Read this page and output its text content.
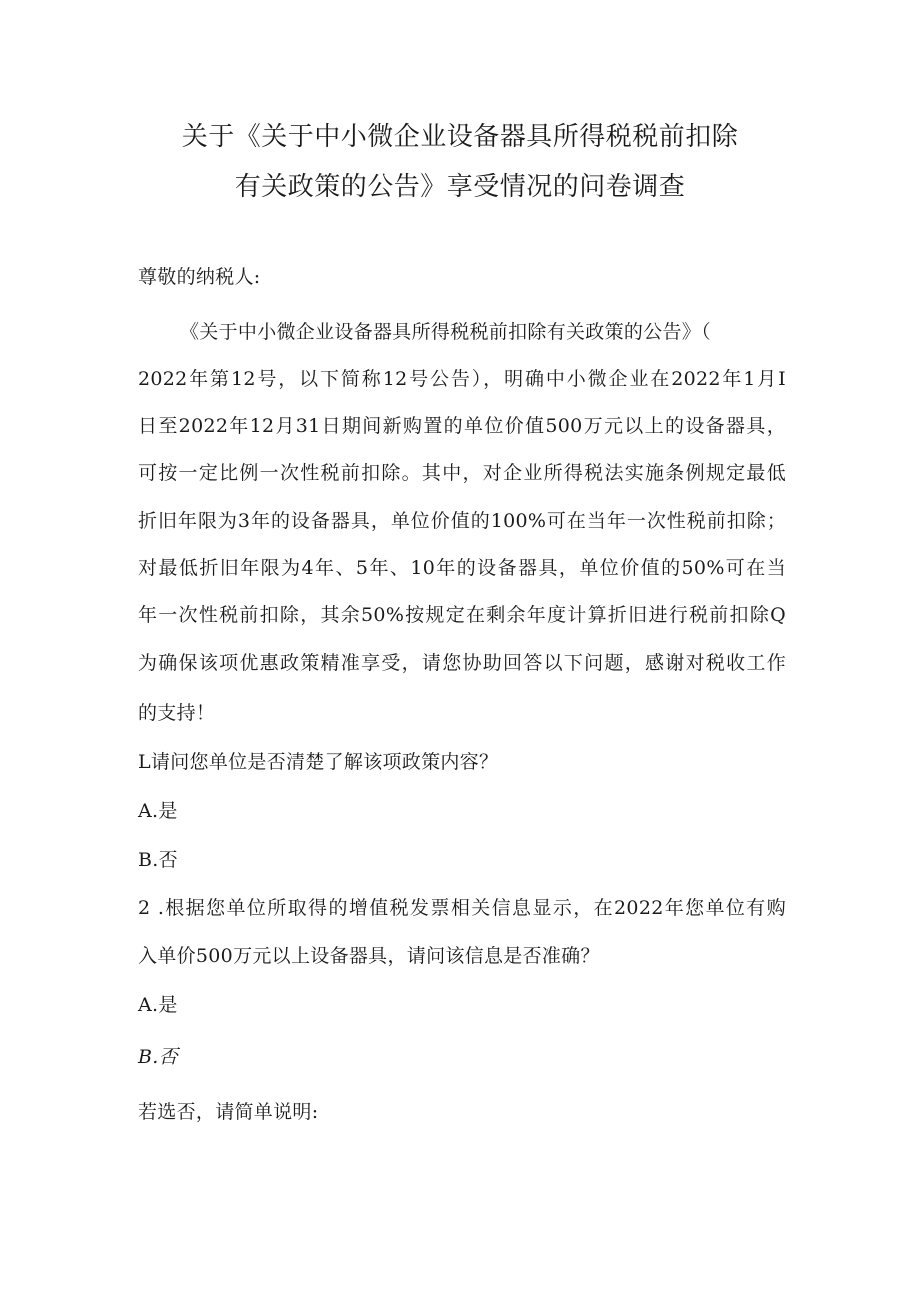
关于《关于中小微企业设备器具所得税税前扣除
有关政策的公告》享受情况的问卷调查
尊敬的纳税人:
《关于中小微企业设备器具所得税税前扣除有关政策的公告》（
2022年第12号，以下简称12号公告），明确中小微企业在2022年1月I
日至2022年12月31日期间新购置的单位价值500万元以上的设备器具，
可按一定比例一次性税前扣除。其中，对企业所得税法实施条例规定最低
折旧年限为3年的设备器具，单位价值的100%可在当年一次性税前扣除；
对最低折旧年限为4年、5年、10年的设备器具，单位价值的50%可在当
年一次性税前扣除，其余50%按规定在剩余年度计算折旧进行税前扣除Q
为确保该项优惠政策精准享受，请您协助回答以下问题，感谢对税收工作
的支持！
L请问您单位是否清楚了解该项政策内容？
A.是
B.否
2 .根据您单位所取得的增值税发票相关信息显示，在2022年您单位有购
入单价500万元以上设备器具，请问该信息是否准确？
A.是
B.否
若选否，请简单说明:
